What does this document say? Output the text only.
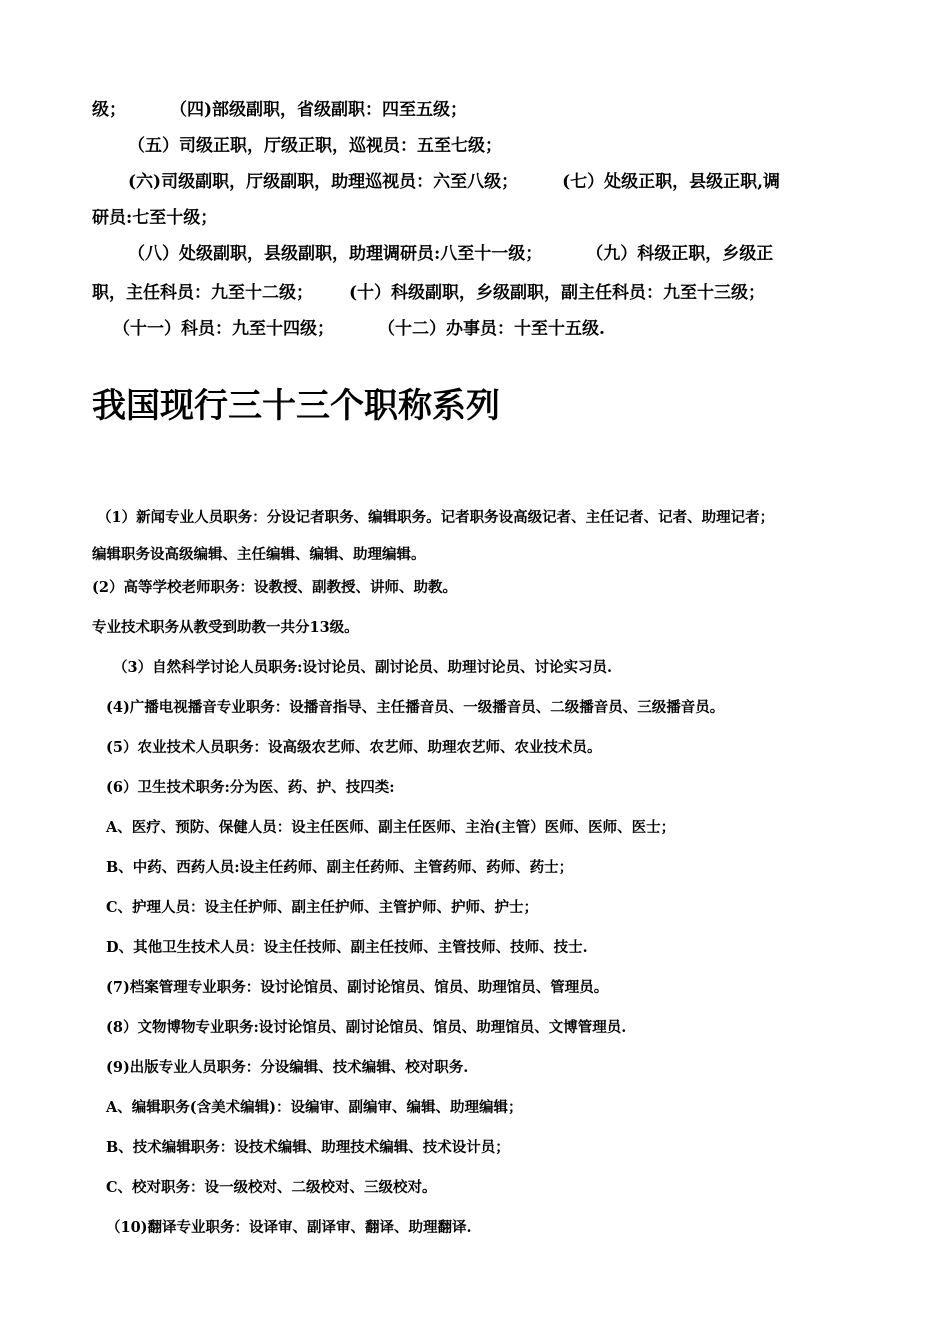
级；	（四)部级副职，省级副职：四至五级；
（五）司级正职，厅级正职，巡视员：五至七级；
(六)司级副职，厅级副职，助理巡视员：六至八级；	(七）处级正职，县级正职,调
研员:七至十级；
（八）处级副职，县级副职，助理调研员:八至十一级；	（九）科级正职，乡级正
职，主任科员：九至十二级； (十）科级副职，乡级副职，副主任科员：九至十三级；
（十一）科员：九至十四级；	（十二）办事员：十至十五级.
我国现行三十三个职称系列
（1）新闻专业人员职务：分设记者职务、编辑职务。记者职务设高级记者、主任记者、记者、助理记者；
编辑职务设高级编辑、主任编辑、编辑、助理编辑。
(2）高等学校老师职务：设教授、副教授、讲师、助教。
专业技术职务从教受到助教一共分13级。
（3）自然科学讨论人员职务:设讨论员、副讨论员、助理讨论员、讨论实习员.
(4)广播电视播音专业职务：设播音指导、主任播音员、一级播音员、二级播音员、三级播音员。
(5）农业技术人员职务：设高级农艺师、农艺师、助理农艺师、农业技术员。
(6）卫生技术职务:分为医、药、护、技四类:
A、医疗、预防、保健人员：设主任医师、副主任医师、主治(主管）医师、医师、医士；
B、中药、西药人员:设主任药师、副主任药师、主管药师、药师、药士；
C、护理人员：设主任护师、副主任护师、主管护师、护师、护士；
D、其他卫生技术人员：设主任技师、副主任技师、主管技师、技师、技士.
(7)档案管理专业职务：设讨论馆员、副讨论馆员、馆员、助理馆员、管理员。
(8）文物博物专业职务:设讨论馆员、副讨论馆员、馆员、助理馆员、文博管理员.
(9)出版专业人员职务：分设编辑、技术编辑、校对职务.
A、编辑职务(含美术编辑)：设编审、副编审、编辑、助理编辑；
B、技术编辑职务：设技术编辑、助理技术编辑、技术设计员；
C、校对职务：设一级校对、二级校对、三级校对。
（10)翻译专业职务：设译审、副译审、翻译、助理翻译.
